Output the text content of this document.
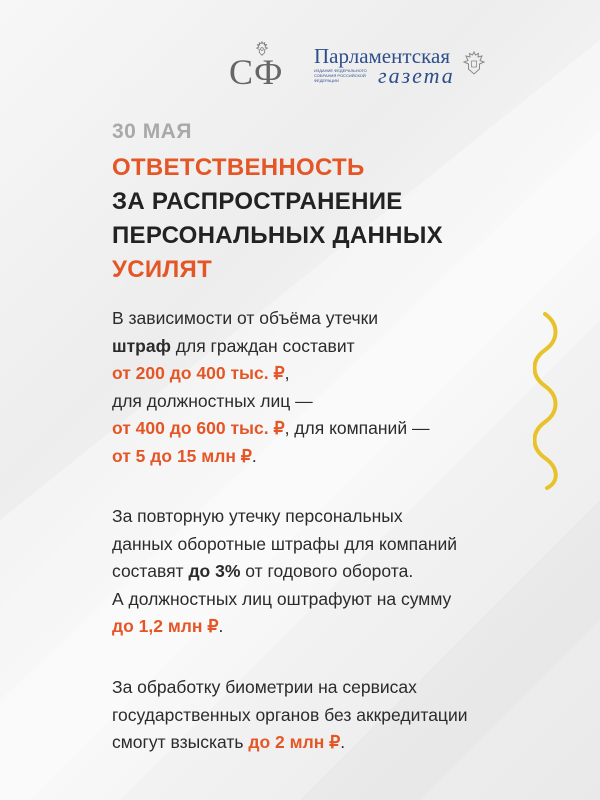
СФ Парламентская
ИЗДАНИЕ ФЕДЕРАЛЬНОГО СОБРАНИЯ РОССИЙСКОЙ ФЕДЕРАЦИИ	газета
30 МАЯ
ОТВЕТСТВЕННОСТЬ
ЗА РАСПРОСТРАНЕНИЕ
ПЕРСОНАЛЬНЫХ ДАННЫХ
УСИЛЯТ
В зависимости от объёма утечки
штраф для граждан составит
от 200 до 400 тыс. ₽,
для должностных лиц —
от 400 до 600 тыс. ₽, для компаний —
от 5 до 15 млн ₽.
За повторную утечку персональных
данных оборотные штрафы для компаний
составят до 3% от годового оборота.
А должностных лиц оштрафуют на сумму
до 1,2 млн ₽.
За обработку биометрии на сервисах
государственных органов без аккредитации
смогут взыскать до 2 млн ₽.
